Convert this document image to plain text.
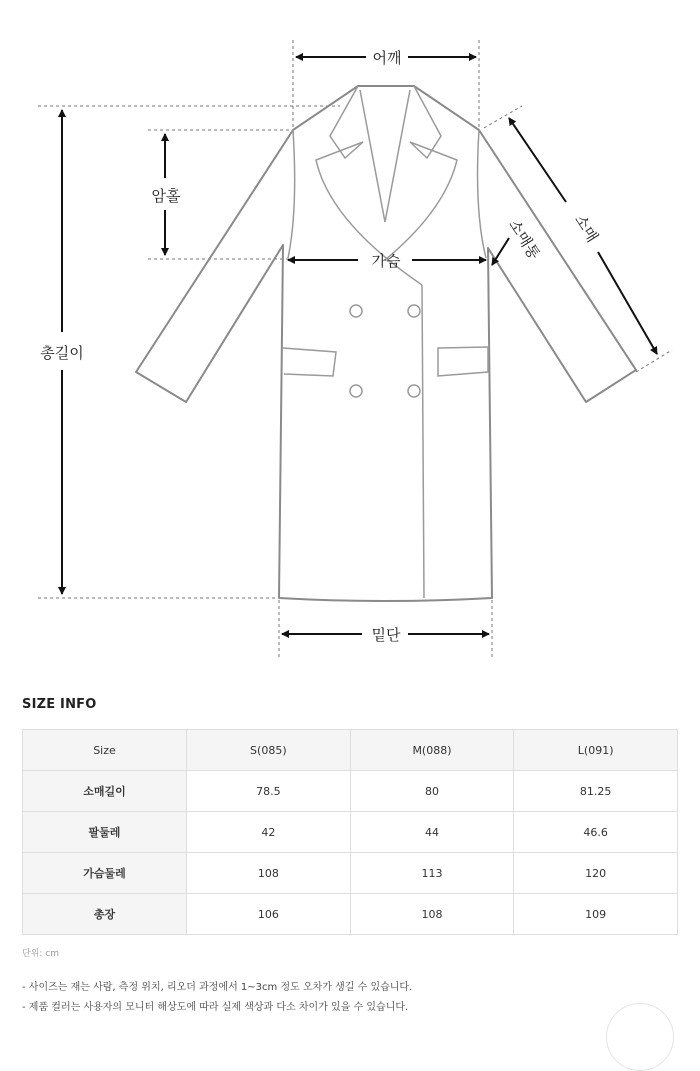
어깨
암홀
총길이
가슴
밑단
소매
소매통
SIZE INFO
Size	S(085)	M(088)	L(091)
소매길이	78.5	80	81.25
팔둘레	42	44	46.6
가슴둘레	108	113	120
총장	106	108	109
단위: cm
- 사이즈는 재는 사람, 측정 위치, 리오더 과정에서 1~3cm 정도 오차가 생길 수 있습니다.
- 제품 컬러는 사용자의 모니터 해상도에 따라 실제 색상과 다소 차이가 있을 수 있습니다.
